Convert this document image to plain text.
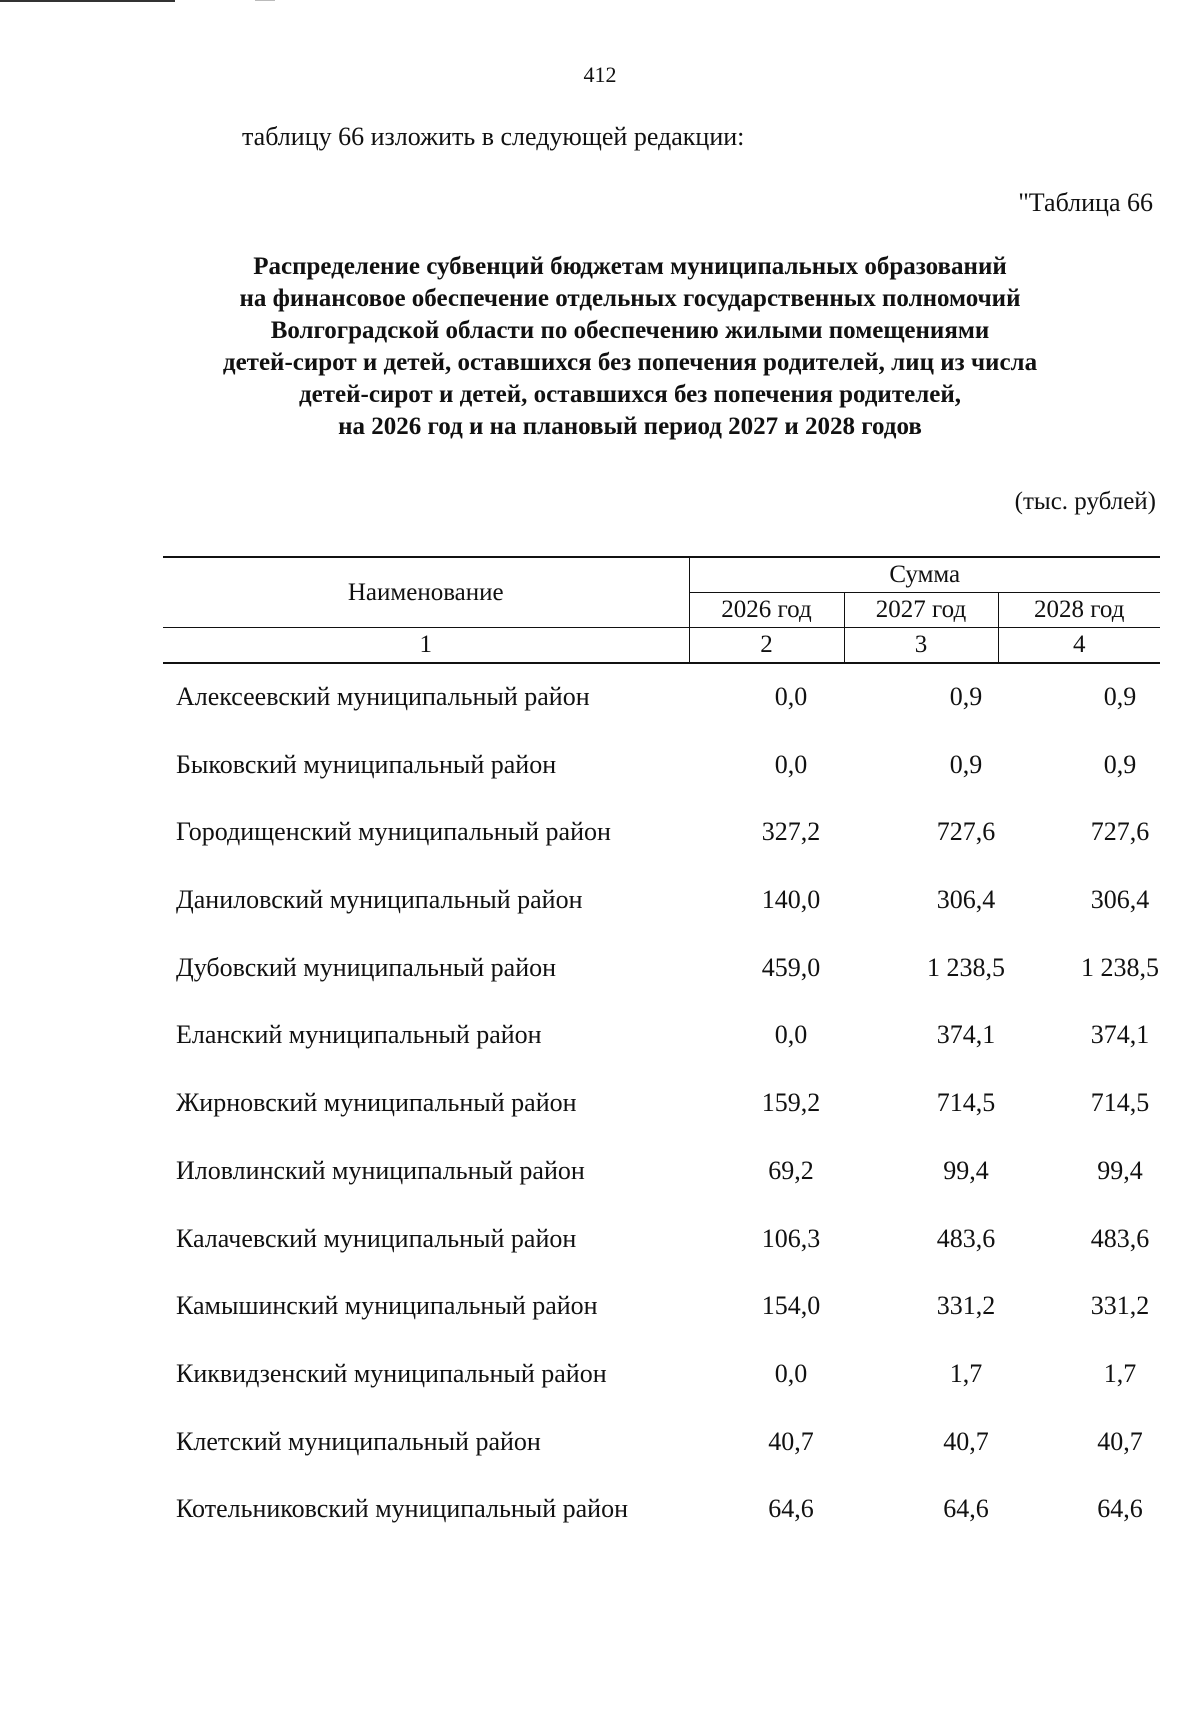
412
таблицу 66 изложить в следующей редакции:
"Таблица 66
Распределение субвенций бюджетам муниципальных образований
на финансовое обеспечение отдельных государственных полномочий
Волгоградской области по обеспечению жилыми помещениями
детей-сирот и детей, оставшихся без попечения родителей, лиц из числа
детей-сирот и детей, оставшихся без попечения родителей,
на 2026 год и на плановый период 2027 и 2028 годов
(тыс. рублей)
Наименование	Сумма		
	2026 год	2027 год	2028 год
1	2	3	4
Алексеевский муниципальный район	0,0	0,9	0,9
Быковский муниципальный район	0,0	0,9	0,9
Городищенский муниципальный район	327,2	727,6	727,6
Даниловский муниципальный район	140,0	306,4	306,4
Дубовский муниципальный район	459,0	1 238,5	1 238,5
Еланский муниципальный район	0,0	374,1	374,1
Жирновский муниципальный район	159,2	714,5	714,5
Иловлинский муниципальный район	69,2	99,4	99,4
Калачевский муниципальный район	106,3	483,6	483,6
Камышинский муниципальный район	154,0	331,2	331,2
Киквидзенский муниципальный район	0,0	1,7	1,7
Клетский муниципальный район	40,7	40,7	40,7
Котельниковский муниципальный район	64,6	64,6	64,6
